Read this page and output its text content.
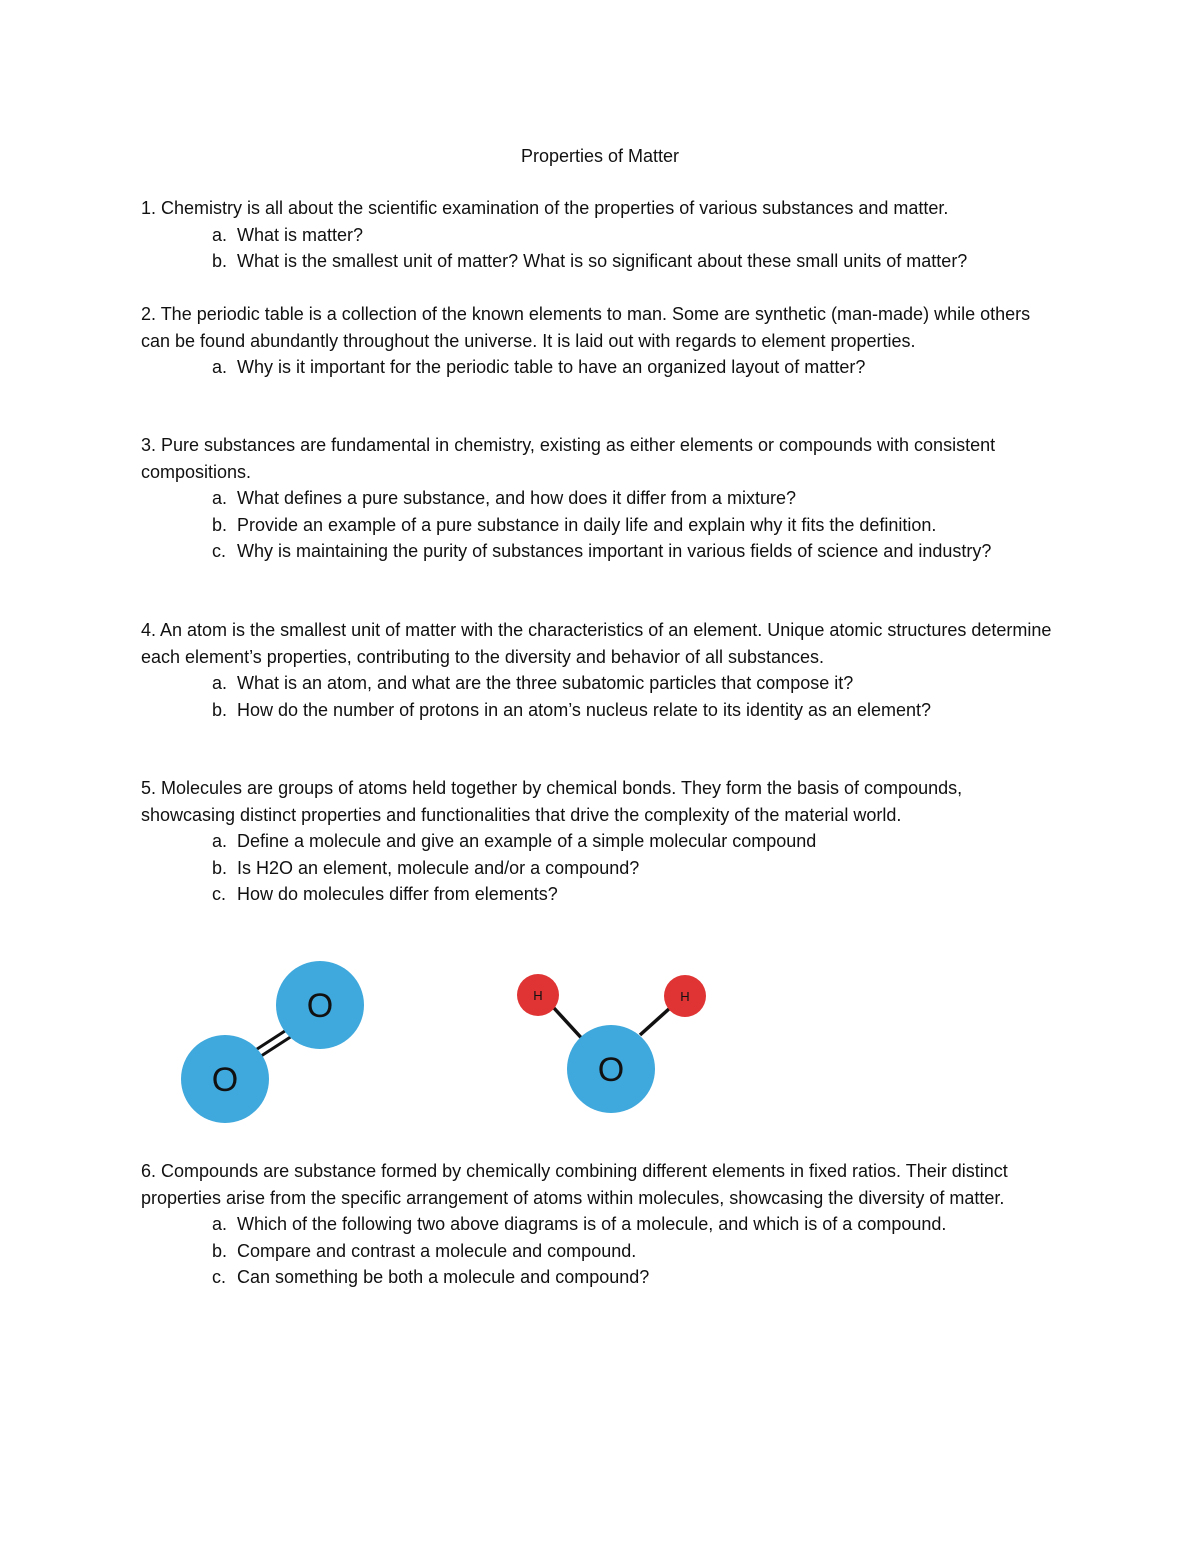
Properties of Matter

1. Chemistry is all about the scientific examination of the properties of various substances and matter.

a. What is matter?

b. What is the smallest unit of matter? What is so significant about these small units of matter?

2. The periodic table is a collection of the known elements to man. Some are synthetic (man-made) while others can be found abundantly throughout the universe. It is laid out with regards to element properties.

a. Why is it important for the periodic table to have an organized layout of matter?

3. Pure substances are fundamental in chemistry, existing as either elements or compounds with consistent compositions.

a. What defines a pure substance, and how does it differ from a mixture?

b. Provide an example of a pure substance in daily life and explain why it fits the definition.

c. Why is maintaining the purity of substances important in various fields of science and industry?

4. An atom is the smallest unit of matter with the characteristics of an element. Unique atomic structures determine each element’s properties, contributing to the diversity and behavior of all substances.

a. What is an atom, and what are the three subatomic particles that compose it?

b. How do the number of protons in an atom’s nucleus relate to its identity as an element?

5. Molecules are groups of atoms held together by chemical bonds. They form the basis of compounds, showcasing distinct properties and functionalities that drive the complexity of the material world.

a. Define a molecule and give an example of a simple molecular compound

b. Is H2O an element, molecule and/or a compound?

c. How do molecules differ from elements?

O
O
H	H
O

6. Compounds are substance formed by chemically combining different elements in fixed ratios. Their distinct properties arise from the specific arrangement of atoms within molecules, showcasing the diversity of matter.

a. Which of the following two above diagrams is of a molecule, and which is of a compound.

b. Compare and contrast a molecule and compound.

c. Can something be both a molecule and compound?
